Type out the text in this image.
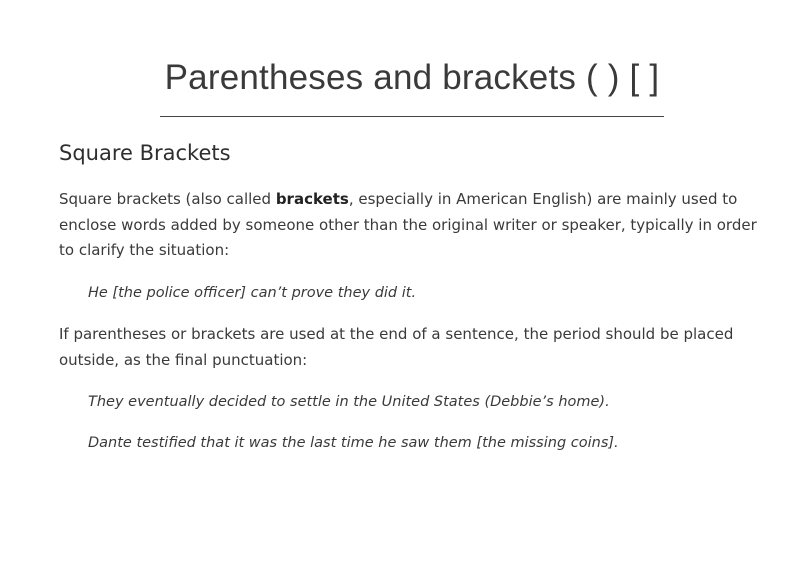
Parentheses and brackets ( ) [ ]
Square Brackets

Square brackets (also called brackets, especially in American English) are mainly used to enclose words added by someone other than the original writer or speaker, typically in order to clarify the situation:

He [the police officer] can’t prove they did it.

If parentheses or brackets are used at the end of a sentence, the period should be placed outside, as the final punctuation:

They eventually decided to settle in the United States (Debbie’s home).

Dante testified that it was the last time he saw them [the missing coins].
